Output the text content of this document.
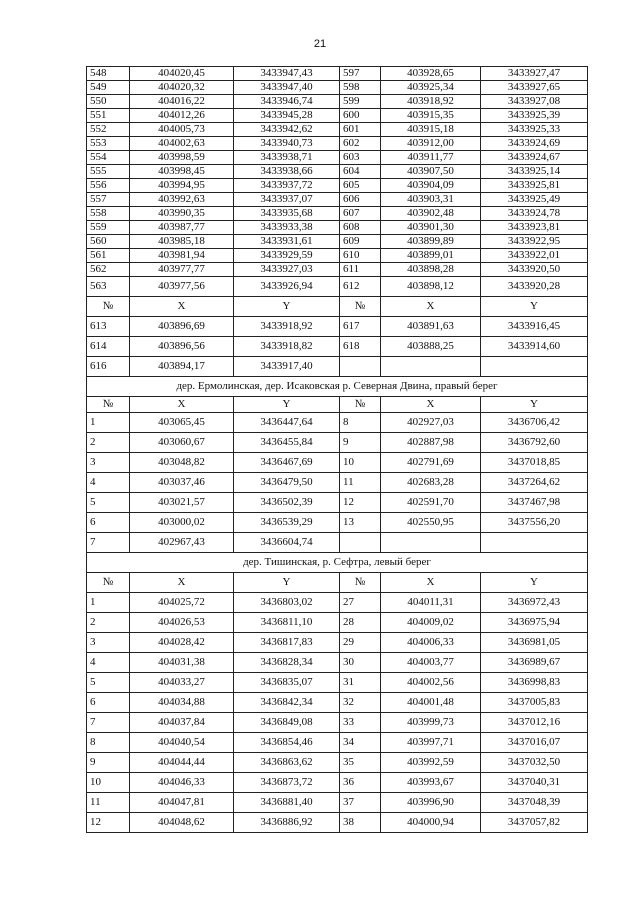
21
548	404020,45	3433947,43	597	403928,65	3433927,47
549	404020,32	3433947,40	598	403925,34	3433927,65
550	404016,22	3433946,74	599	403918,92	3433927,08
551	404012,26	3433945,28	600	403915,35	3433925,39
552	404005,73	3433942,62	601	403915,18	3433925,33
553	404002,63	3433940,73	602	403912,00	3433924,69
554	403998,59	3433938,71	603	403911,77	3433924,67
555	403998,45	3433938,66	604	403907,50	3433925,14
556	403994,95	3433937,72	605	403904,09	3433925,81
557	403992,63	3433937,07	606	403903,31	3433925,49
558	403990,35	3433935,68	607	403902,48	3433924,78
559	403987,77	3433933,38	608	403901,30	3433923,81
560	403985,18	3433931,61	609	403899,89	3433922,95
561	403981,94	3433929,59	610	403899,01	3433922,01
562	403977,77	3433927,03	611	403898,28	3433920,50
563	403977,56	3433926,94	612	403898,12	3433920,28
№	X	Y	№	X	Y
613	403896,69	3433918,92	617	403891,63	3433916,45
614	403896,56	3433918,82	618	403888,25	3433914,60
616	403894,17	3433917,40			
дер. Ермолинская, дер. Исаковская р. Северная Двина, правый берег					
№	X	Y	№	X	Y
1	403065,45	3436447,64	8	402927,03	3436706,42
2	403060,67	3436455,84	9	402887,98	3436792,60
3	403048,82	3436467,69	10	402791,69	3437018,85
4	403037,46	3436479,50	11	402683,28	3437264,62
5	403021,57	3436502,39	12	402591,70	3437467,98
6	403000,02	3436539,29	13	402550,95	3437556,20
7	402967,43	3436604,74			
дер. Тишинская, р. Сефтра, левый берег					
№	X	Y	№	X	Y
1	404025,72	3436803,02	27	404011,31	3436972,43
2	404026,53	3436811,10	28	404009,02	3436975,94
3	404028,42	3436817,83	29	404006,33	3436981,05
4	404031,38	3436828,34	30	404003,77	3436989,67
5	404033,27	3436835,07	31	404002,56	3436998,83
6	404034,88	3436842,34	32	404001,48	3437005,83
7	404037,84	3436849,08	33	403999,73	3437012,16
8	404040,54	3436854,46	34	403997,71	3437016,07
9	404044,44	3436863,62	35	403992,59	3437032,50
10	404046,33	3436873,72	36	403993,67	3437040,31
11	404047,81	3436881,40	37	403996,90	3437048,39
12	404048,62	3436886,92	38	404000,94	3437057,82
